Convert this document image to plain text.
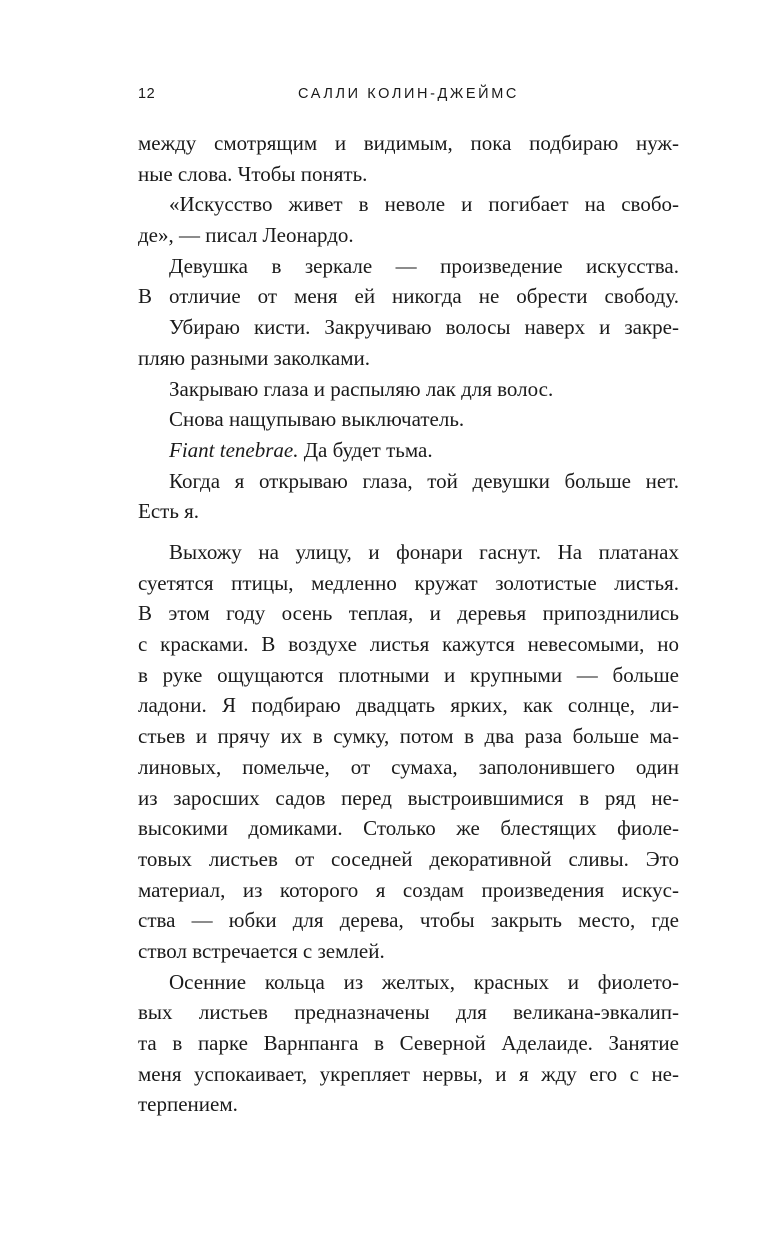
12	САЛЛИ КОЛИН-ДЖЕЙМС
между смотрящим и видимым, пока подбираю нуж-
ные слова. Чтобы понять.
«Искусство живет в неволе и погибает на свобо-
де», — писал Леонардо.
Девушка в зеркале — произведение искусства.
В отличие от меня ей никогда не обрести свободу.
Убираю кисти. Закручиваю волосы наверх и закре-
пляю разными заколками.
Закрываю глаза и распыляю лак для волос.
Снова нащупываю выключатель.
Fiant tenebrae. Да будет тьма.
Когда я открываю глаза, той девушки больше нет.
Есть я.
Выхожу на улицу, и фонари гаснут. На платанах
суетятся птицы, медленно кружат золотистые листья.
В этом году осень теплая, и деревья припозднились
с красками. В воздухе листья кажутся невесомыми, но
в руке ощущаются плотными и крупными — больше
ладони. Я подбираю двадцать ярких, как солнце, ли-
стьев и прячу их в сумку, потом в два раза больше ма-
линовых, помельче, от сумаха, заполонившего один
из заросших садов перед выстроившимися в ряд не-
высокими домиками. Столько же блестящих фиоле-
товых листьев от соседней декоративной сливы. Это
материал, из которого я создам произведения искус-
ства — юбки для дерева, чтобы закрыть место, где
ствол встречается с землей.
Осенние кольца из желтых, красных и фиолето-
вых листьев предназначены для великана-эвкалип-
та в парке Варнпанга в Северной Аделаиде. Занятие
меня успокаивает, укрепляет нервы, и я жду его с не-
терпением.
